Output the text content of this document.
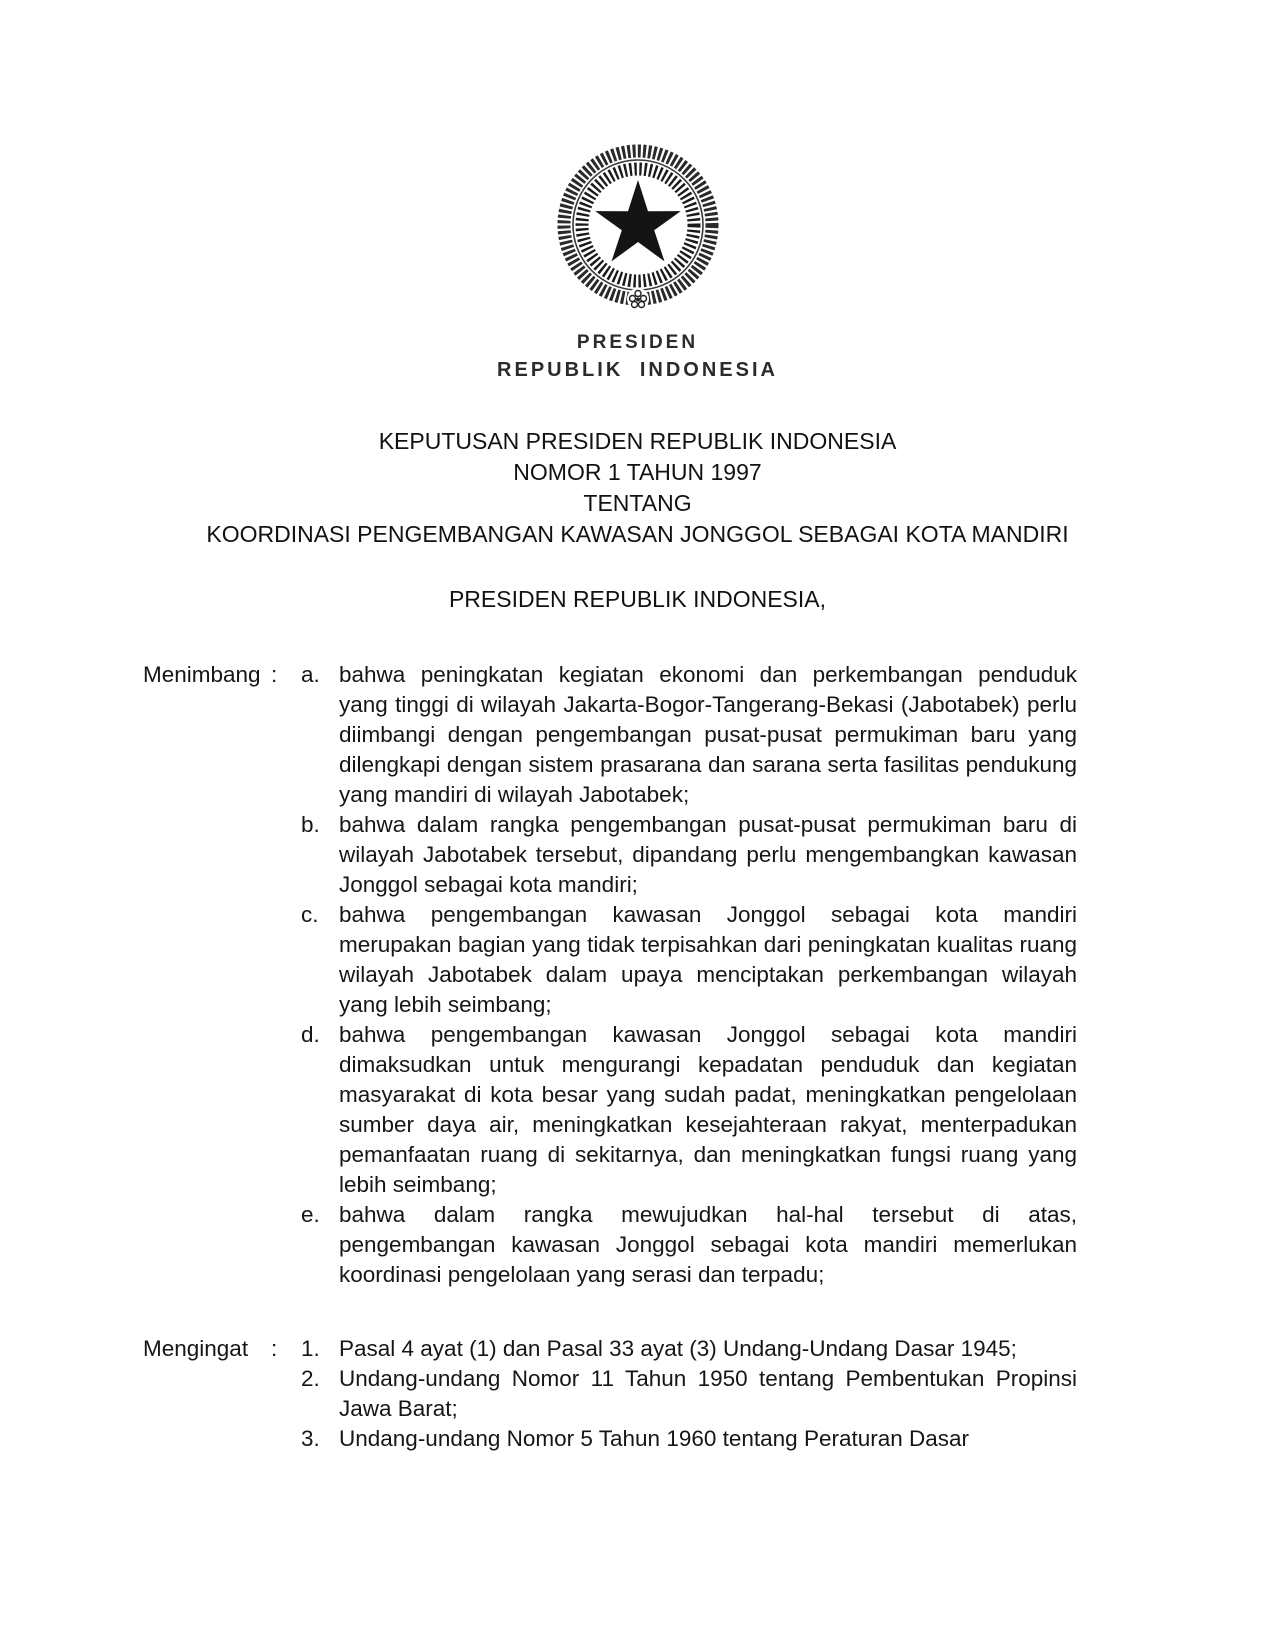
PRESIDEN
REPUBLIK INDONESIA
KEPUTUSAN PRESIDEN REPUBLIK INDONESIA
NOMOR 1 TAHUN 1997
TENTANG
KOORDINASI PENGEMBANGAN KAWASAN JONGGOL SEBAGAI KOTA MANDIRI
PRESIDEN REPUBLIK INDONESIA,
Menimbang :	a. bahwa peningkatan kegiatan ekonomi dan perkembangan penduduk yang tinggi di wilayah Jakarta-Bogor-Tangerang-Bekasi (Jabotabek) perlu diimbangi dengan pengembangan pusat-pusat permukiman baru yang dilengkapi dengan sistem prasarana dan sarana serta fasilitas pendukung yang mandiri di wilayah Jabotabek;
b. bahwa dalam rangka pengembangan pusat-pusat permukiman baru di wilayah Jabotabek tersebut, dipandang perlu mengembangkan kawasan Jonggol sebagai kota mandiri;
c. bahwa pengembangan kawasan Jonggol sebagai kota mandiri merupakan bagian yang tidak terpisahkan dari peningkatan kualitas ruang wilayah Jabotabek dalam upaya menciptakan perkembangan wilayah yang lebih seimbang;
d. bahwa pengembangan kawasan Jonggol sebagai kota mandiri dimaksudkan untuk mengurangi kepadatan penduduk dan kegiatan masyarakat di kota besar yang sudah padat, meningkatkan pengelolaan sumber daya air, meningkatkan kesejahteraan rakyat, menterpadukan pemanfaatan ruang di sekitarnya, dan meningkatkan fungsi ruang yang lebih seimbang;
e. bahwa dalam rangka mewujudkan hal-hal tersebut di atas, pengembangan kawasan Jonggol sebagai kota mandiri memerlukan koordinasi pengelolaan yang serasi dan terpadu;
Mengingat	:	1. Pasal 4 ayat (1) dan Pasal 33 ayat (3) Undang-Undang Dasar 1945;
2. Undang-undang Nomor 11 Tahun 1950 tentang Pembentukan Propinsi Jawa Barat;
3. Undang-undang Nomor 5 Tahun 1960 tentang Peraturan Dasar
